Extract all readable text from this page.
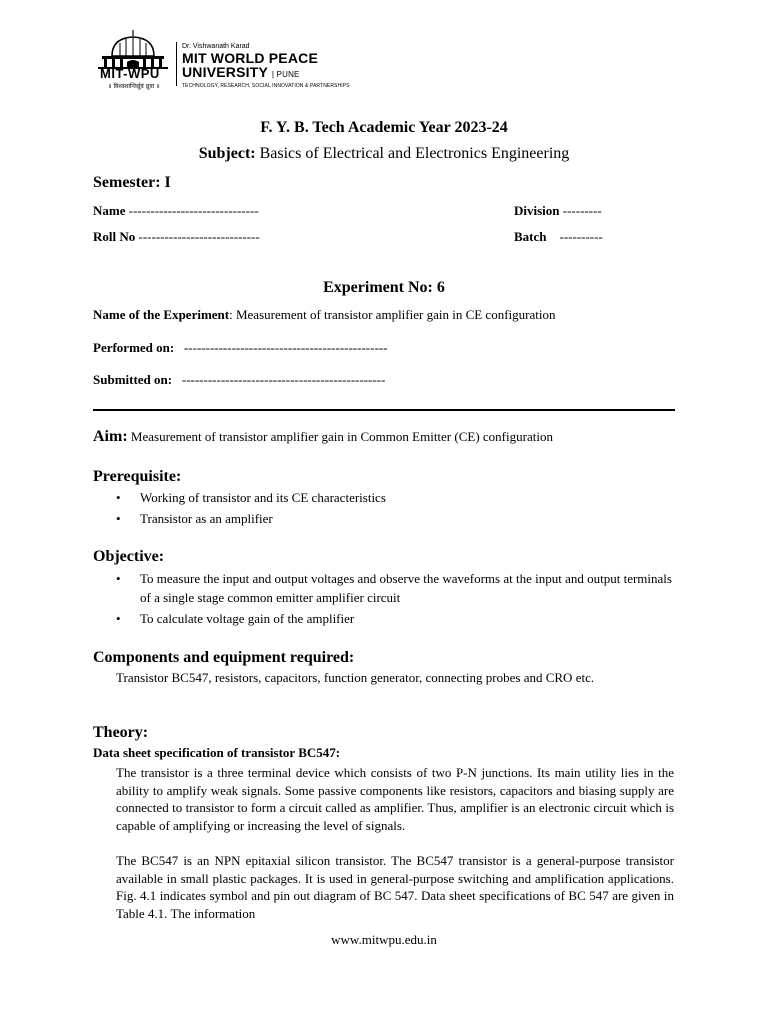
MIT-WPU
॥ विश्वशान्तिर्ध्रुवं ध्रुवा ॥

Dr. Vishwanath Karad

MIT WORLD PEACE

UNIVERSITY | PUNE

TECHNOLOGY, RESEARCH, SOCIAL INNOVATION & PARTNERSHIPS

F. Y. B. Tech Academic Year 2023-24
Subject: Basics of Electrical and Electronics Engineering
Semester: I
Name ------------------------------	Division ---------
Roll No ----------------------------	Batch    ----------
Experiment No: 6
Name of the Experiment: Measurement of transistor amplifier gain in CE configuration
Performed on:   -----------------------------------------------
Submitted on:   -----------------------------------------------
Aim: Measurement of transistor amplifier gain in Common Emitter (CE) configuration
Prerequisite:
• Working of transistor and its CE characteristics
• Transistor as an amplifier
Objective:
• To measure the input and output voltages and observe the waveforms at the input and output terminals of a single stage common emitter amplifier circuit
• To calculate voltage gain of the amplifier
Components and equipment required:
Transistor BC547, resistors, capacitors, function generator, connecting probes and CRO etc.
Theory:
Data sheet specification of transistor BC547:
The transistor is a three terminal device which consists of two P-N junctions. Its main utility lies in the ability to amplify weak signals. Some passive components like resistors, capacitors and biasing supply are connected to transistor to form a circuit called as amplifier. Thus, amplifier is an electronic circuit which is capable of amplifying or increasing the level of signals.
The BC547 is an NPN epitaxial silicon transistor. The BC547 transistor is a general-purpose transistor available in small plastic packages. It is used in general-purpose switching and amplification applications. Fig. 4.1 indicates symbol and pin out diagram of BC 547. Data sheet specifications of BC 547 are given in Table 4.1. The information
www.mitwpu.edu.in
